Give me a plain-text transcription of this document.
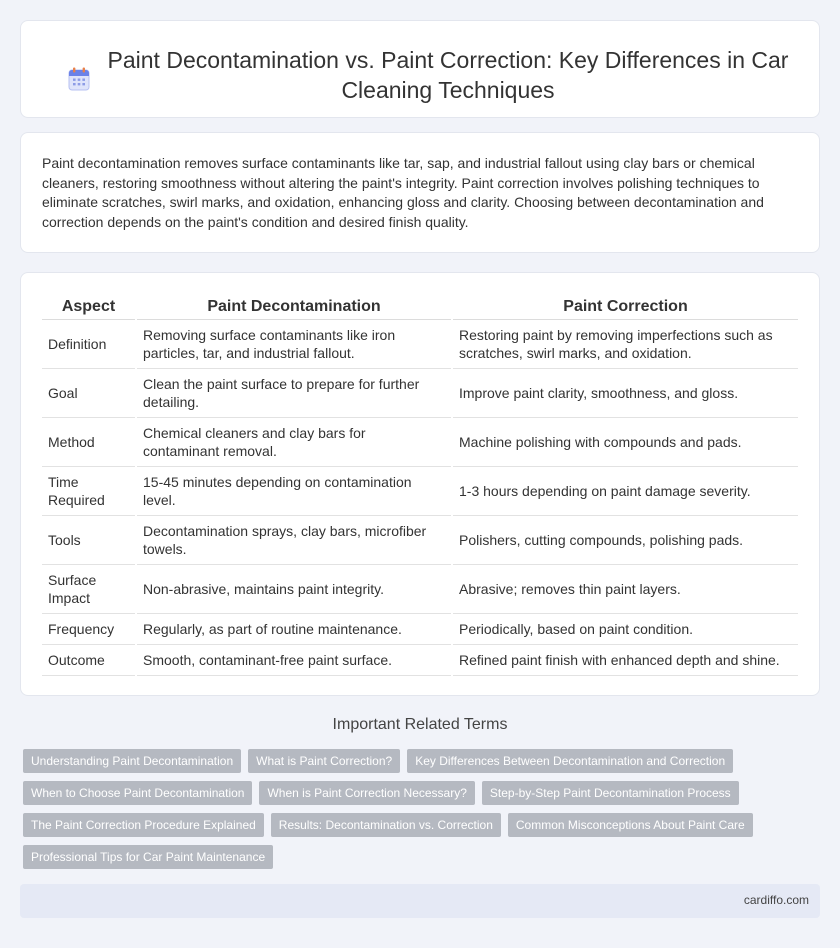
Paint Decontamination vs. Paint Correction: Key Differences in Car Cleaning Techniques

Paint decontamination removes surface contaminants like tar, sap, and industrial fallout using clay bars or chemical cleaners, restoring smoothness without altering the paint's integrity. Paint correction involves polishing techniques to eliminate scratches, swirl marks, and oxidation, enhancing gloss and clarity. Choosing between decontamination and correction depends on the paint's condition and desired finish quality.

Aspect	Paint Decontamination	Paint Correction
Definition	Removing surface contaminants like iron particles, tar, and industrial fallout.	Restoring paint by removing imperfections such as scratches, swirl marks, and oxidation.
Goal	Clean the paint surface to prepare for further detailing.	Improve paint clarity, smoothness, and gloss.
Method	Chemical cleaners and clay bars for contaminant removal.	Machine polishing with compounds and pads.
Time Required	15-45 minutes depending on contamination level.	1-3 hours depending on paint damage severity.
Tools	Decontamination sprays, clay bars, microfiber towels.	Polishers, cutting compounds, polishing pads.
Surface Impact	Non-abrasive, maintains paint integrity.	Abrasive; removes thin paint layers.
Frequency	Regularly, as part of routine maintenance.	Periodically, based on paint condition.
Outcome	Smooth, contaminant-free paint surface.	Refined paint finish with enhanced depth and shine.
Important Related Terms
Understanding Paint Decontamination	What is Paint Correction?	Key Differences Between Decontamination and Correction
When to Choose Paint Decontamination	When is Paint Correction Necessary?	Step-by-Step Paint Decontamination Process
The Paint Correction Procedure Explained	Results: Decontamination vs. Correction	Common Misconceptions About Paint Care
Professional Tips for Car Paint Maintenance
cardiffo.com
